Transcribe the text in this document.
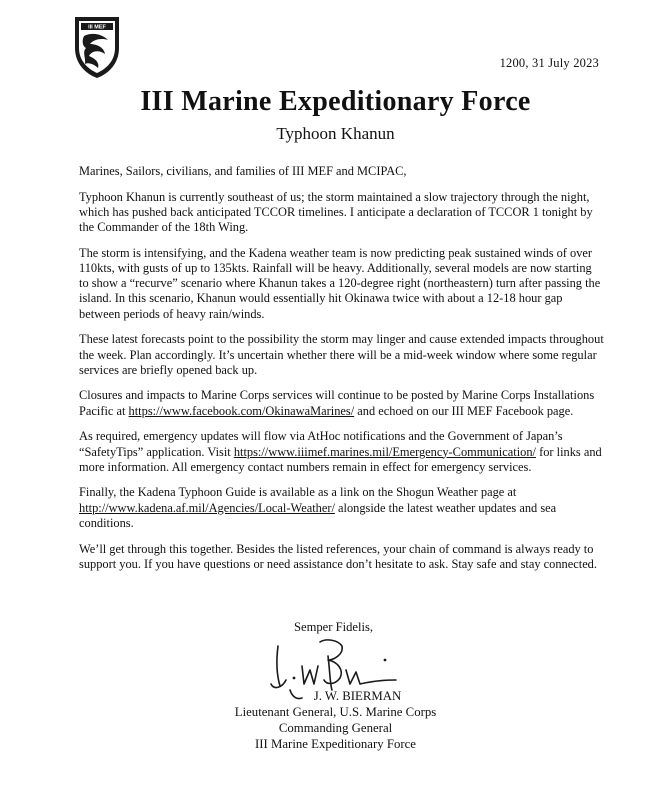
III MEF
1200, 31 July 2023
III Marine Expeditionary Force
Typhoon Khanun

Marines, Sailors, civilians, and families of III MEF and MCIPAC,

Typhoon Khanun is currently southeast of us; the storm maintained a slow trajectory through the night, which has pushed back anticipated TCCOR timelines. I anticipate a declaration of TCCOR 1 tonight by the Commander of the 18th Wing.

The storm is intensifying, and the Kadena weather team is now predicting peak sustained winds of over 110kts, with gusts of up to 135kts. Rainfall will be heavy. Additionally, several models are now starting to show a “recurve” scenario where Khanun takes a 120-degree right (northeastern) turn after passing the island. In this scenario, Khanun would essentially hit Okinawa twice with about a 12-18 hour gap between periods of heavy rain/winds.

These latest forecasts point to the possibility the storm may linger and cause extended impacts throughout the week. Plan accordingly. It’s uncertain whether there will be a mid-week window where some regular services are briefly opened back up.

Closures and impacts to Marine Corps services will continue to be posted by Marine Corps Installations Pacific at https://www.facebook.com/OkinawaMarines/ and echoed on our III MEF Facebook page.

As required, emergency updates will flow via AtHoc notifications and the Government of Japan’s “SafetyTips” application. Visit https://www.iiimef.marines.mil/Emergency-Communication/ for links and more information. All emergency contact numbers remain in effect for emergency services.

Finally, the Kadena Typhoon Guide is available as a link on the Shogun Weather page at http://www.kadena.af.mil/Agencies/Local-Weather/ alongside the latest weather updates and sea conditions.

We’ll get through this together. Besides the listed references, your chain of command is always ready to support you. If you have questions or need assistance don’t hesitate to ask. Stay safe and stay connected.

Semper Fidelis,
J. W. BIERMAN
Lieutenant General, U.S. Marine Corps
Commanding General
III Marine Expeditionary Force
